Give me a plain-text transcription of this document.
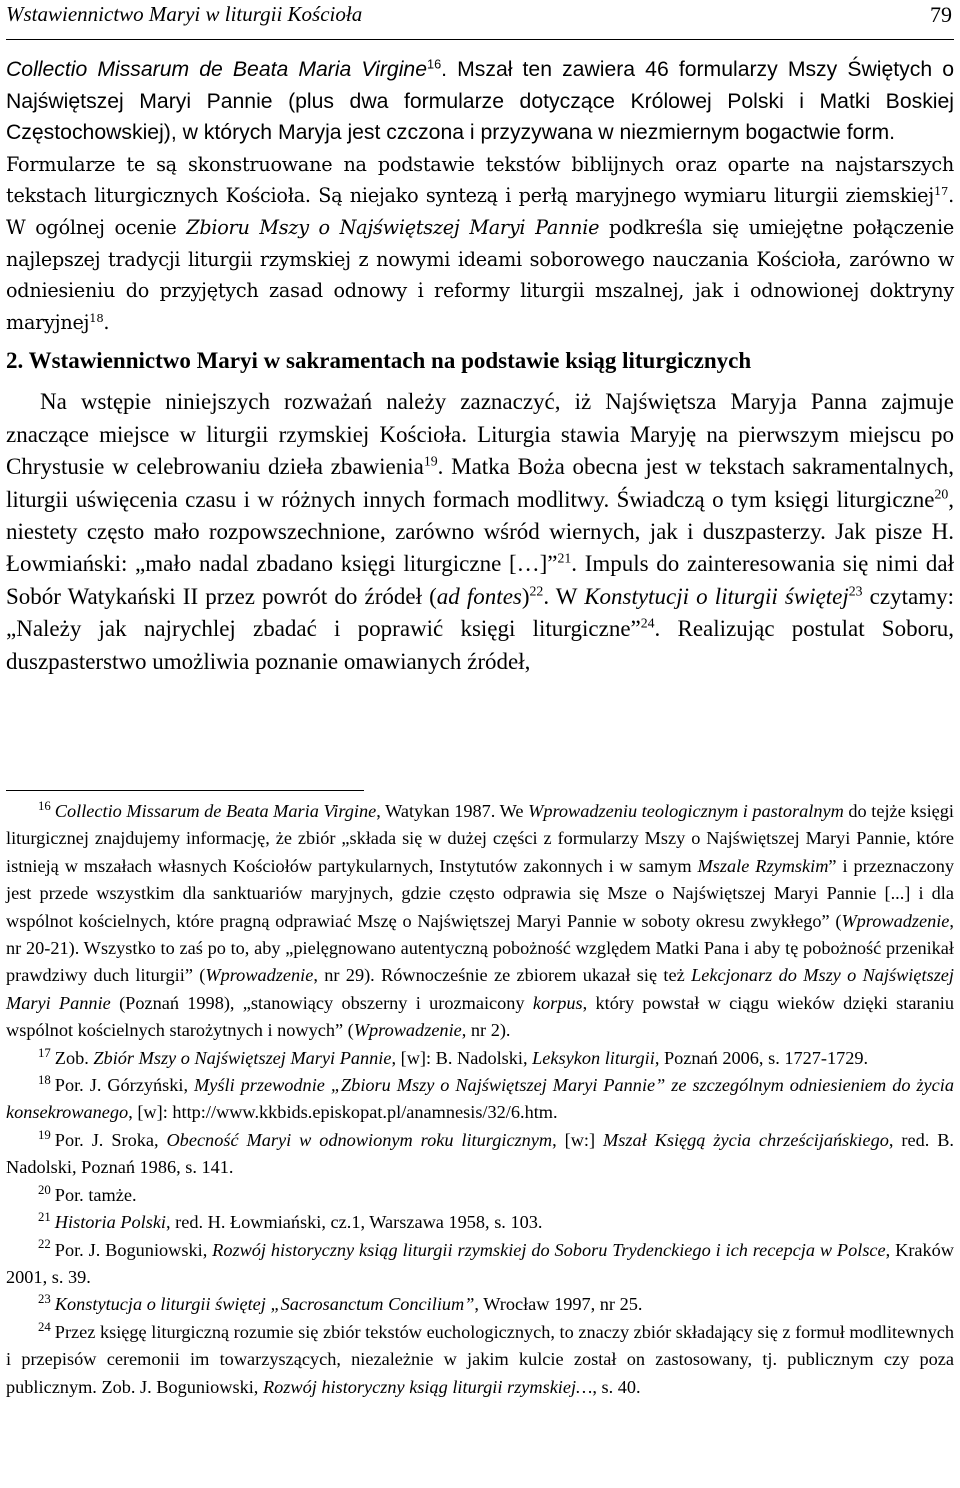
Wstawiennictwo Maryi w liturgii Kościoła	79

Collectio Missarum de Beata Maria Virgine$^{16}$. Mszał ten zawiera 46 formularzy Mszy Świętych o Najświętszej Maryi Pannie (plus dwa formularze dotyczące Królowej Polski i Matki Boskiej Częstochowskiej), w których Maryja jest czczona i przyzywana w niezmiernym bogactwie form.

Formularze te są skonstruowane na podstawie tekstów biblijnych oraz oparte na najstarszych tekstach liturgicznych Kościoła. Są niejako syntezą i perłą maryjnego wymiaru liturgii ziemskiej$^{17}$. W ogólnej ocenie Zbioru Mszy o Najświętszej Maryi Pannie podkreśla się umiejętne połączenie najlepszej tradycji liturgii rzymskiej z nowymi ideami soborowego nauczania Kościoła, zarówno w odniesieniu do przyjętych zasad odnowy i reformy liturgii mszalnej, jak i odnowionej doktryny maryjnej$^{18}$.

2. Wstawiennictwo Maryi w sakramentach na podstawie ksiąg liturgicznych

Na wstępie niniejszych rozważań należy zaznaczyć, iż Najświętsza Maryja Panna zajmuje znaczące miejsce w liturgii rzymskiej Kościoła. Liturgia stawia Maryję na pierwszym miejscu po Chrystusie w celebrowaniu dzieła zbawienia$^{19}$. Matka Boża obecna jest w tekstach sakramentalnych, liturgii uświęcenia czasu i w różnych innych formach modlitwy. Świadczą o tym księgi liturgiczne$^{20}$, niestety często mało rozpowszechnione, zarówno wśród wiernych, jak i duszpasterzy. Jak pisze H. Łowmiański: „mało nadal zbadano księgi liturgiczne […]”$^{21}$. Impuls do zainteresowania się nimi dał Sobór Watykański II przez powrót do źródeł (ad fontes)$^{22}$. W Konstytucji o liturgii świętej$^{23}$ czytamy: „Należy jak najrychlej zbadać i poprawić księgi liturgiczne”$^{24}$. Realizując postulat Soboru, duszpasterstwo umożliwia poznanie omawianych źródeł,

$^{16}$ Collectio Missarum de Beata Maria Virgine, Watykan 1987. We Wprowadzeniu teologicznym i pastoralnym do tejże księgi liturgicznej znajdujemy informację, że zbiór „składa się w dużej części z formularzy Mszy o Najświętszej Maryi Pannie, które istnieją w mszałach własnych Kościołów partykularnych, Instytutów zakonnych i w samym Mszale Rzymskim” i przeznaczony jest przede wszystkim dla sanktuariów maryjnych, gdzie często odprawia się Msze o Najświętszej Maryi Pannie [...] i dla wspólnot kościelnych, które pragną odprawiać Mszę o Najświętszej Maryi Pannie w soboty okresu zwykłego” (Wprowadzenie, nr 20-21). Wszystko to zaś po to, aby „pielęgnowano autentyczną pobożność względem Matki Pana i aby tę pobożność przenikał prawdziwy duch liturgii” (Wprowadzenie, nr 29). Równocześnie ze zbiorem ukazał się też Lekcjonarz do Mszy o Najświętszej Maryi Pannie (Poznań 1998), „stanowiący obszerny i urozmaicony korpus, który powstał w ciągu wieków dzięki staraniu wspólnot kościelnych starożytnych i nowych” (Wprowadzenie, nr 2).

$^{17}$ Zob. Zbiór Mszy o Najświętszej Maryi Pannie, [w]: B. Nadolski, Leksykon liturgii, Poznań 2006, s. 1727-1729.

$^{18}$ Por. J. Górzyński, Myśli przewodnie „Zbioru Mszy o Najświętszej Maryi Pannie” ze szczególnym odniesieniem do życia konsekrowanego, [w]: http://www.kkbids.episkopat.pl/anamnesis/32/6.htm.

$^{19}$ Por. J. Sroka, Obecność Maryi w odnowionym roku liturgicznym, [w:] Mszał Księgą życia chrześcijańskiego, red. B. Nadolski, Poznań 1986, s. 141.

$^{20}$ Por. tamże.

$^{21}$ Historia Polski, red. H. Łowmiański, cz.1, Warszawa 1958, s. 103.

$^{22}$ Por. J. Boguniowski, Rozwój historyczny ksiąg liturgii rzymskiej do Soboru Trydenckiego i ich recepcja w Polsce, Kraków 2001, s. 39.

$^{23}$ Konstytucja o liturgii świętej „Sacrosanctum Concilium”, Wrocław 1997, nr 25.

$^{24}$ Przez księgę liturgiczną rozumie się zbiór tekstów euchologicznych, to znaczy zbiór składający się z formuł modlitewnych i przepisów ceremonii im towarzyszących, niezależnie w jakim kulcie został on zastosowany, tj. publicznym czy poza publicznym. Zob. J. Boguniowski, Rozwój historyczny ksiąg liturgii rzymskiej…, s. 40.
